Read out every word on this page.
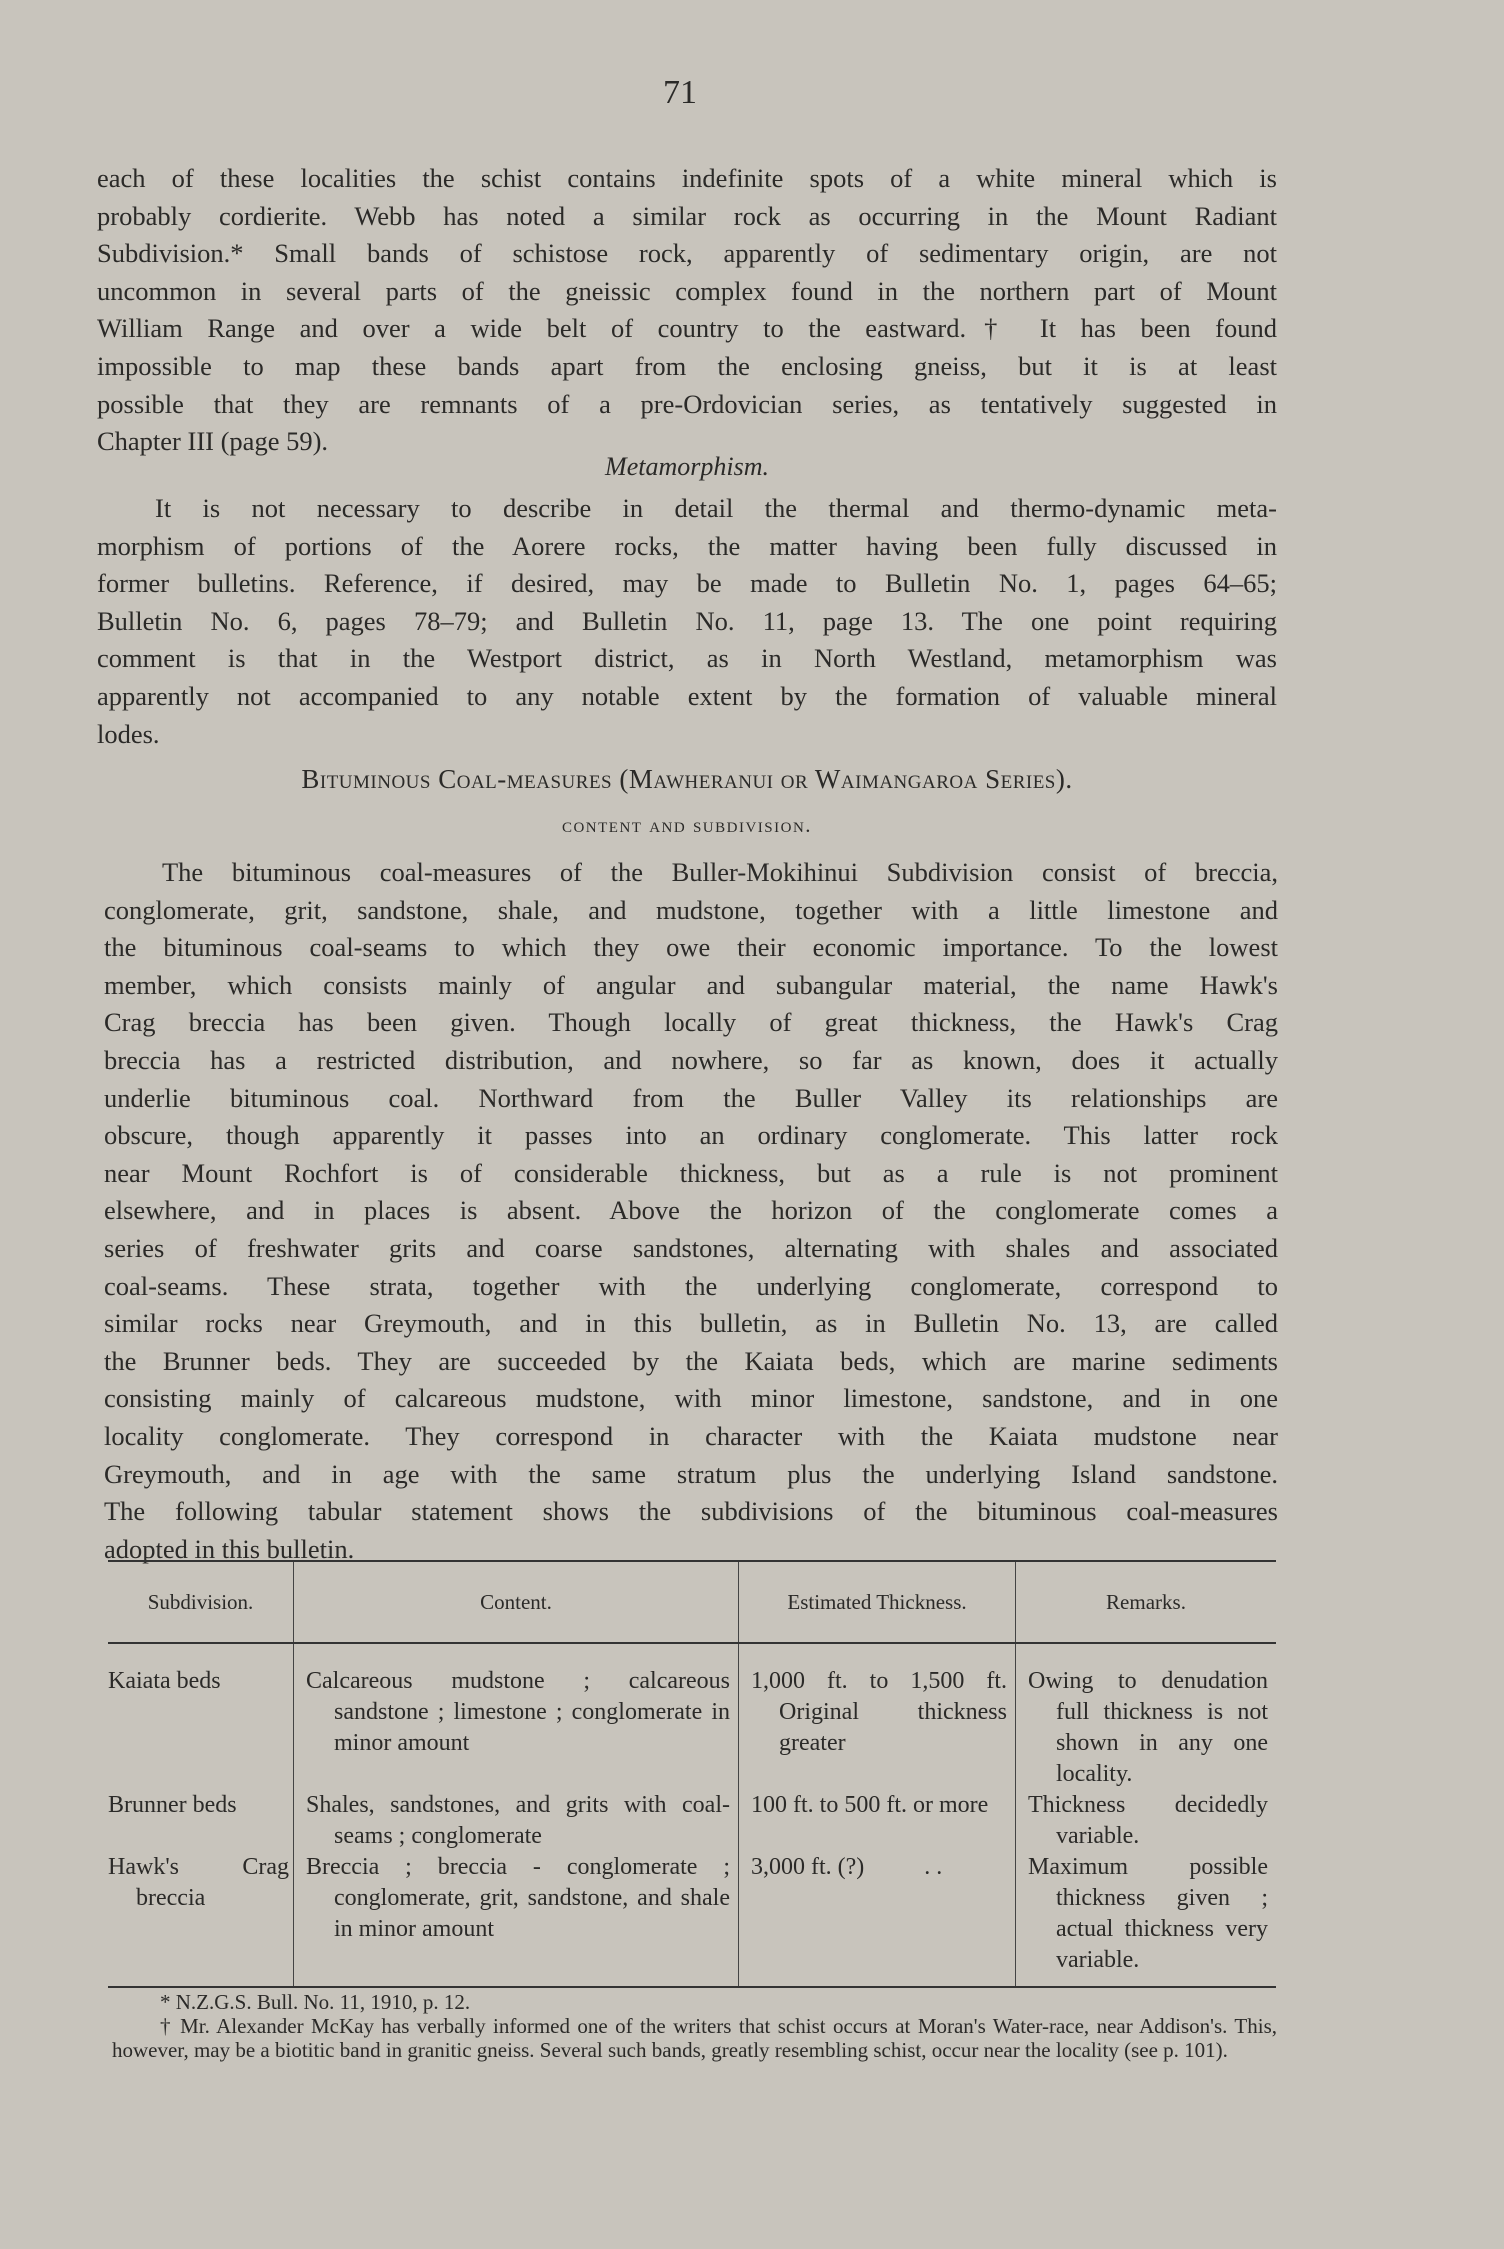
71
each of these localities the schist contains indefinite spots of a white mineral which is
probably cordierite. Webb has noted a similar rock as occurring in the Mount Radiant
Subdivision.* Small bands of schistose rock, apparently of sedimentary origin, are not
uncommon in several parts of the gneissic complex found in the northern part of Mount
William Range and over a wide belt of country to the eastward.† It has been found
impossible to map these bands apart from the enclosing gneiss, but it is at least
possible that they are remnants of a pre-Ordovician series, as tentatively suggested in
Chapter III (page 59).
Metamorphism.
It is not necessary to describe in detail the thermal and thermo-dynamic meta-
morphism of portions of the Aorere rocks, the matter having been fully discussed in
former bulletins. Reference, if desired, may be made to Bulletin No. 1, pages 64–65;
Bulletin No. 6, pages 78–79; and Bulletin No. 11, page 13. The one point requiring
comment is that in the Westport district, as in North Westland, metamorphism was
apparently not accompanied to any notable extent by the formation of valuable mineral
lodes.
Bituminous Coal-measures (Mawheranui or Waimangaroa Series).
content and subdivision.
The bituminous coal-measures of the Buller-Mokihinui Subdivision consist of breccia,
conglomerate, grit, sandstone, shale, and mudstone, together with a little limestone and
the bituminous coal-seams to which they owe their economic importance. To the lowest
member, which consists mainly of angular and subangular material, the name Hawk's
Crag breccia has been given. Though locally of great thickness, the Hawk's Crag
breccia has a restricted distribution, and nowhere, so far as known, does it actually
underlie bituminous coal. Northward from the Buller Valley its relationships are
obscure, though apparently it passes into an ordinary conglomerate. This latter rock
near Mount Rochfort is of considerable thickness, but as a rule is not prominent
elsewhere, and in places is absent. Above the horizon of the conglomerate comes a
series of freshwater grits and coarse sandstones, alternating with shales and associated
coal-seams. These strata, together with the underlying conglomerate, correspond to
similar rocks near Greymouth, and in this bulletin, as in Bulletin No. 13, are called
the Brunner beds. They are succeeded by the Kaiata beds, which are marine sediments
consisting mainly of calcareous mudstone, with minor limestone, sandstone, and in one
locality conglomerate. They correspond in character with the Kaiata mudstone near
Greymouth, and in age with the same stratum plus the underlying Island sandstone.
The following tabular statement shows the subdivisions of the bituminous coal-measures
adopted in this bulletin.
Subdivision.	Content.	Estimated Thickness.	Remarks.
Kaiata beds	Calcareous mudstone ; calcareous sandstone ; limestone ; conglomerate in minor amount	1,000 ft. to 1,500 ft. Original thickness greater	Owing to denudation full thickness is not shown in any one locality.
Brunner beds	Shales, sandstones, and grits with coal-seams ; conglomerate	100 ft. to 500 ft. or more	Thickness decidedly variable.
Hawk's Crag breccia	Breccia ; breccia - conglomerate ; conglomerate, grit, sandstone, and shale in minor amount	3,000 ft. (?)          . .	Maximum possible thickness given ; actual thickness very variable.
* N.Z.G.S. Bull. No. 11, 1910, p. 12.
† Mr. Alexander McKay has verbally informed one of the writers that schist occurs at Moran's Water-race, near Addison's. This, however, may be a biotitic band in granitic gneiss. Several such bands, greatly resembling schist, occur near the locality (see p. 101).
